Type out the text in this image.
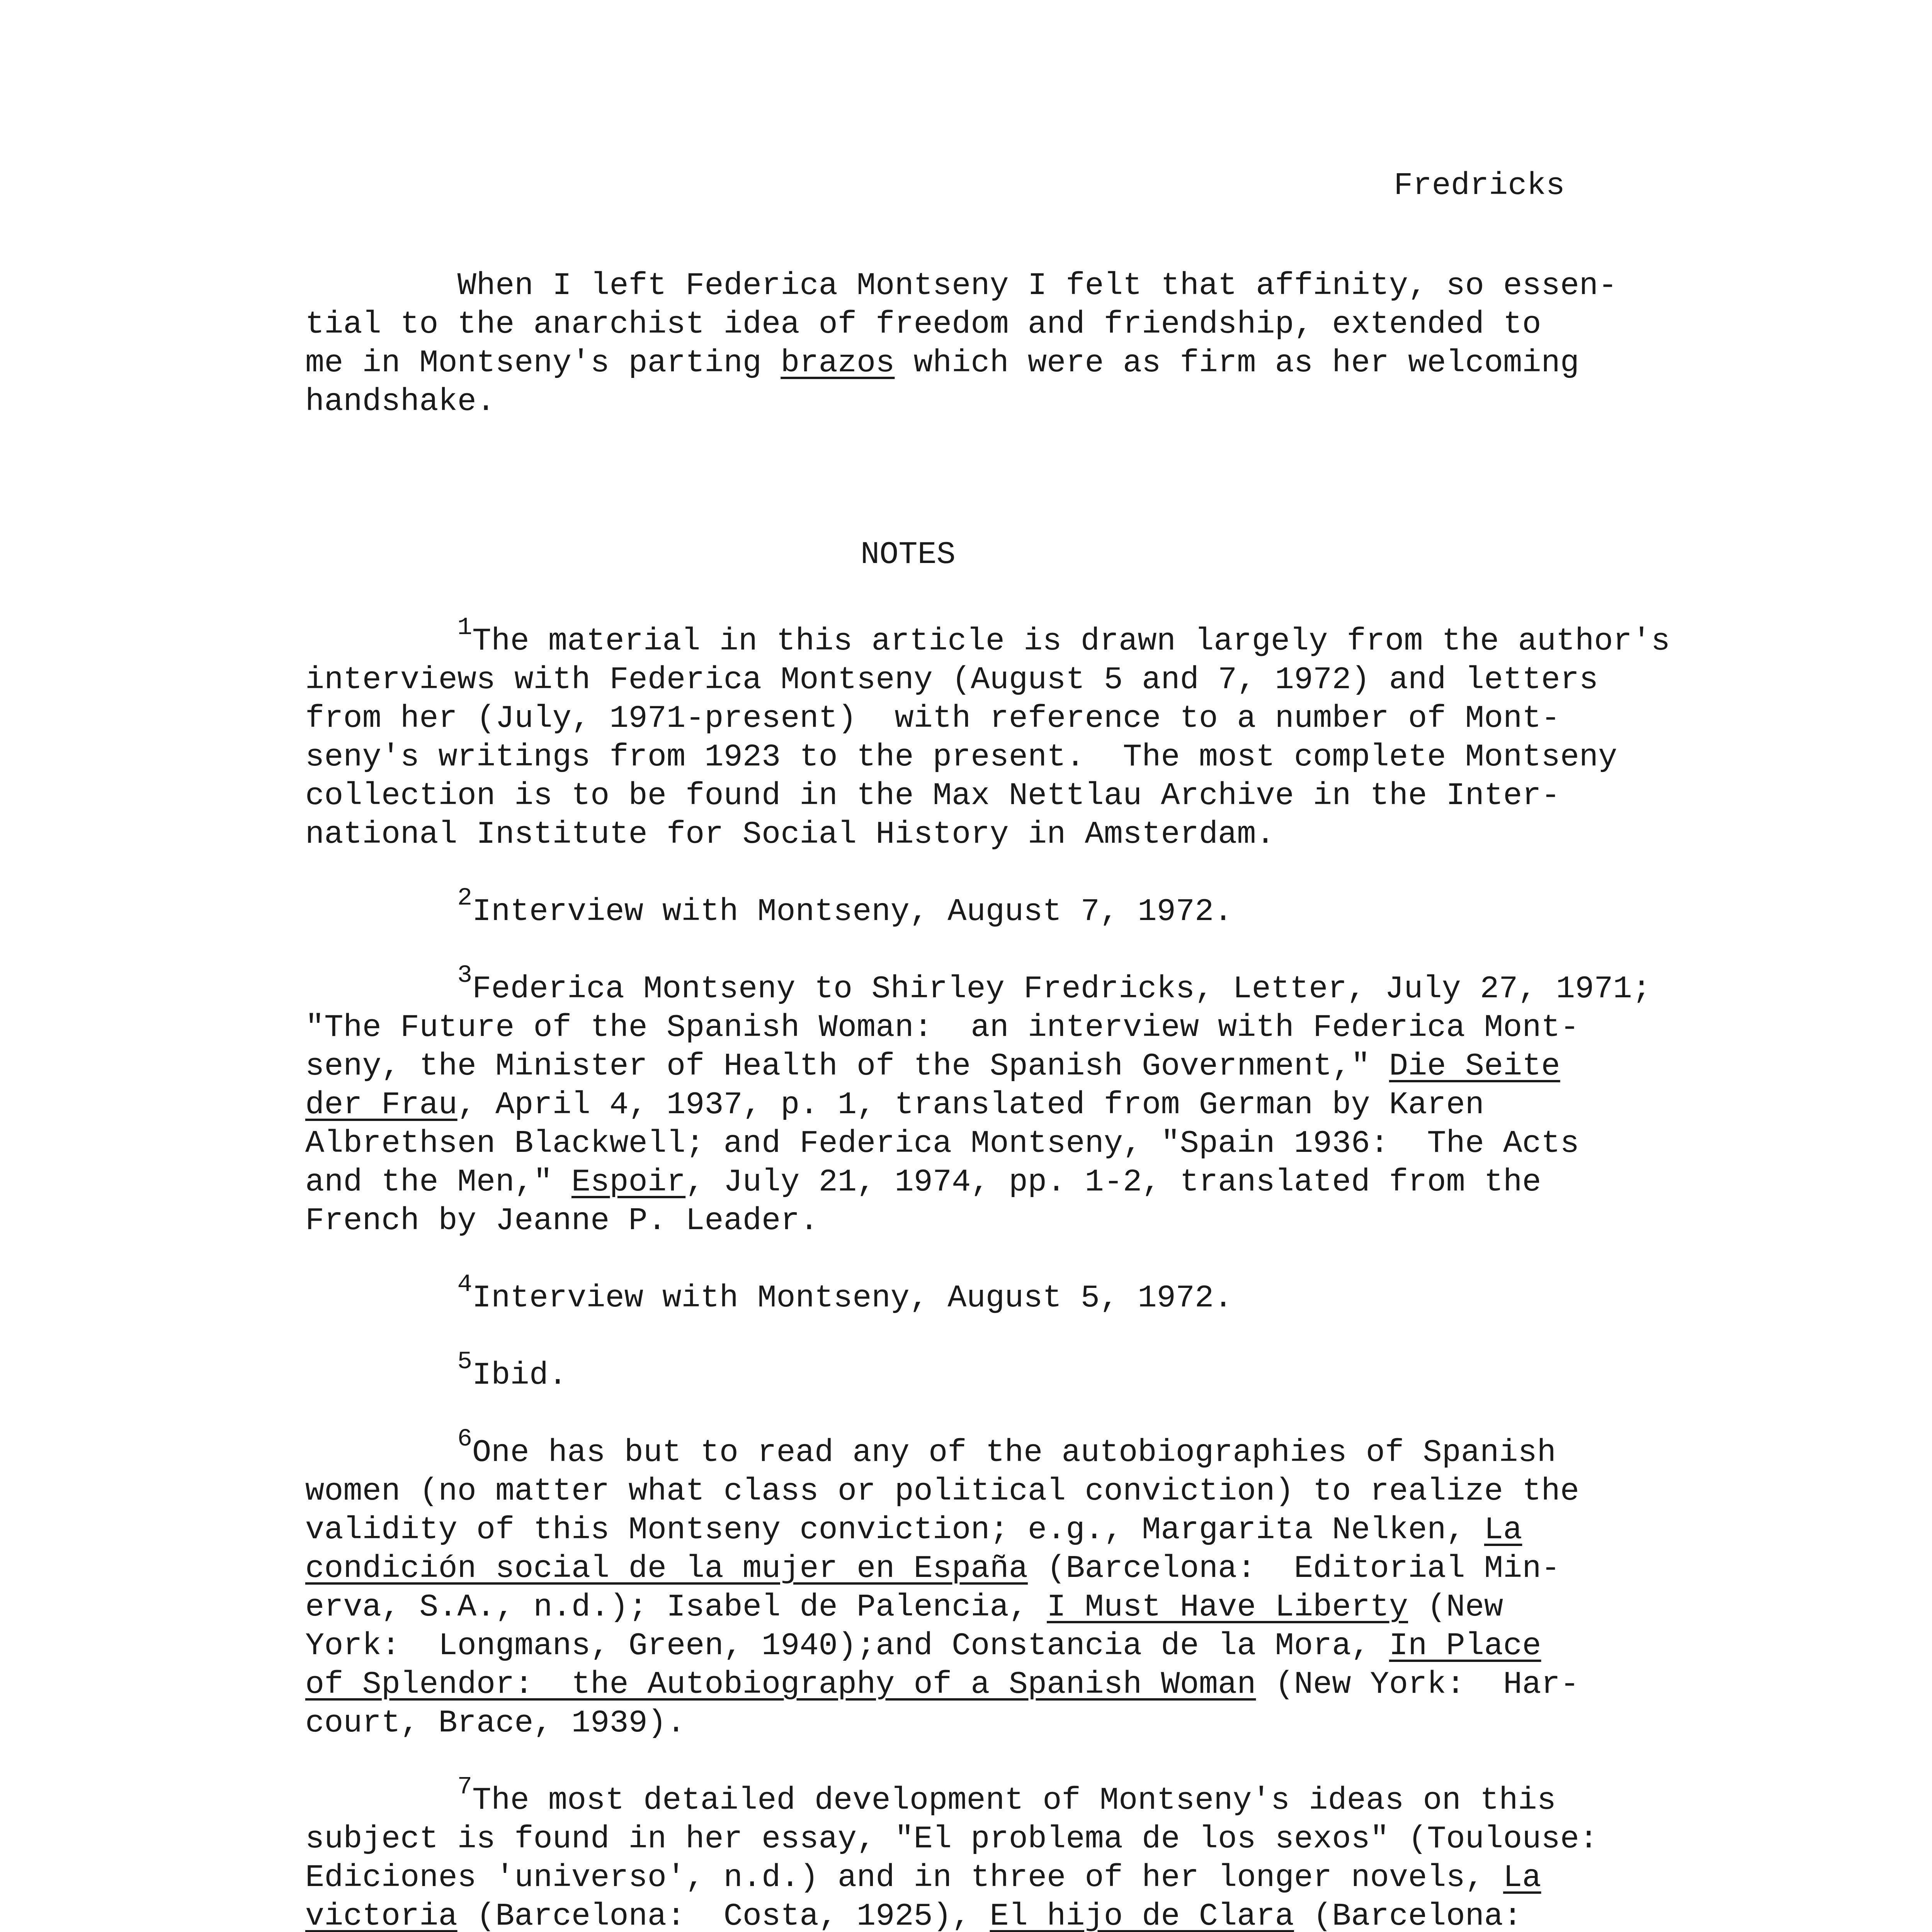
Fredricks
When I left Federica Montseny I felt that affinity, so essen-
tial to the anarchist idea of freedom and friendship, extended to
me in Montseny's parting brazos which were as firm as her welcoming
handshake.
NOTES
$^1$The material in this article is drawn largely from the author's
interviews with Federica Montseny (August 5 and 7, 1972) and letters
from her (July, 1971-present)  with reference to a number of Mont-
seny's writings from 1923 to the present.  The most complete Montseny
collection is to be found in the Max Nettlau Archive in the Inter-
national Institute for Social History in Amsterdam.
$^2$Interview with Montseny, August 7, 1972.
$^3$Federica Montseny to Shirley Fredricks, Letter, July 27, 1971;
"The Future of the Spanish Woman:  an interview with Federica Mont-
seny, the Minister of Health of the Spanish Government," Die Seite
der Frau, April 4, 1937, p. 1, translated from German by Karen
Albrethsen Blackwell; and Federica Montseny, "Spain 1936:  The Acts
and the Men," Espoir, July 21, 1974, pp. 1-2, translated from the
French by Jeanne P. Leader.
$^4$Interview with Montseny, August 5, 1972.
$^5$Ibid.
$^6$One has but to read any of the autobiographies of Spanish
women (no matter what class or political conviction) to realize the
validity of this Montseny conviction; e.g., Margarita Nelken, La
condición social de la mujer en España (Barcelona:  Editorial Min-
erva, S.A., n.d.); Isabel de Palencia, I Must Have Liberty (New
York:  Longmans, Green, 1940);and Constancia de la Mora, In Place
of Splendor:  the Autobiography of a Spanish Woman (New York:  Har-
court, Brace, 1939).
$^7$The most detailed development of Montseny's ideas on this
subject is found in her essay, "El problema de los sexos" (Toulouse:
Ediciones 'universo', n.d.) and in three of her longer novels, La
victoria (Barcelona:  Costa, 1925), El hijo de Clara (Barcelona:
